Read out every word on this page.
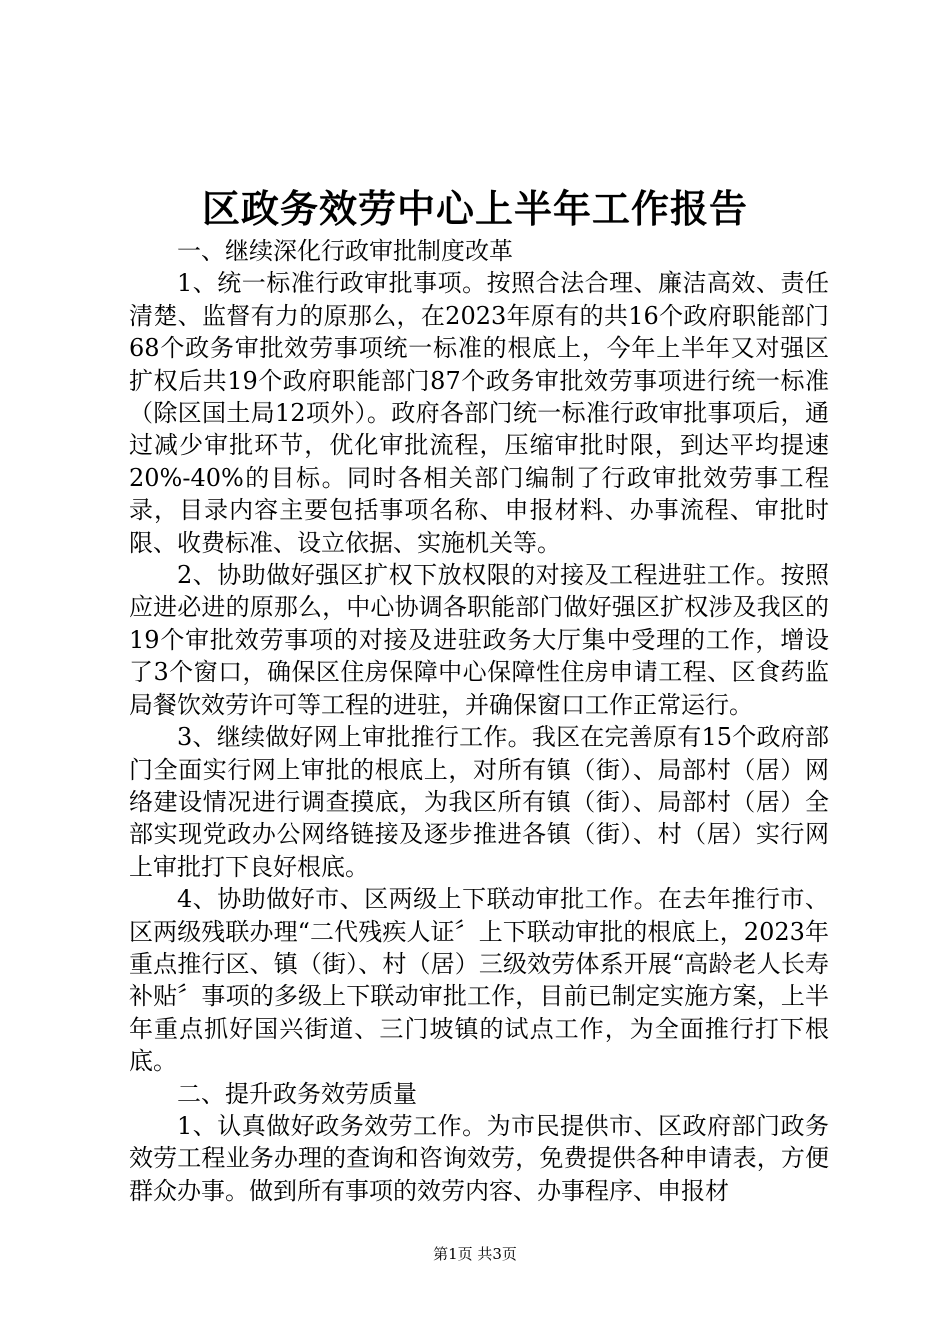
区政务效劳中心上半年工作报告

一、继续深化行政审批制度改革

1、统一标准行政审批事项。按照合法合理、廉洁高效、责任清楚、监督有力的原那么，在2023年原有的共16个政府职能部门68个政务审批效劳事项统一标准的根底上，今年上半年又对强区扩权后共19个政府职能部门87个政务审批效劳事项进行统一标准（除区国土局12项外）。政府各部门统一标准行政审批事项后，通过减少审批环节，优化审批流程，压缩审批时限，到达平均提速20%-40%的目标。同时各相关部门编制了行政审批效劳事工程录，目录内容主要包括事项名称、申报材料、办事流程、审批时限、收费标准、设立依据、实施机关等。

2、协助做好强区扩权下放权限的对接及工程进驻工作。按照应进必进的原那么，中心协调各职能部门做好强区扩权涉及我区的19个审批效劳事项的对接及进驻政务大厅集中受理的工作，增设了3个窗口，确保区住房保障中心保障性住房申请工程、区食药监局餐饮效劳许可等工程的进驻，并确保窗口工作正常运行。

3、继续做好网上审批推行工作。我区在完善原有15个政府部门全面实行网上审批的根底上，对所有镇（街）、局部村（居）网络建设情况进行调查摸底，为我区所有镇（街）、局部村（居）全部实现党政办公网络链接及逐步推进各镇（街）、村（居）实行网上审批打下良好根底。

4、协助做好市、区两级上下联动审批工作。在去年推行市、区两级残联办理“二代残疾人证〞上下联动审批的根底上，2023年重点推行区、镇（街）、村（居）三级效劳体系开展“高龄老人长寿补贴〞事项的多级上下联动审批工作，目前已制定实施方案，上半年重点抓好国兴街道、三门坡镇的试点工作，为全面推行打下根底。

二、提升政务效劳质量

1、认真做好政务效劳工作。为市民提供市、区政府部门政务效劳工程业务办理的查询和咨询效劳，免费提供各种申请表，方便群众办事。做到所有事项的效劳内容、办事程序、申报材

第1页 共3页
